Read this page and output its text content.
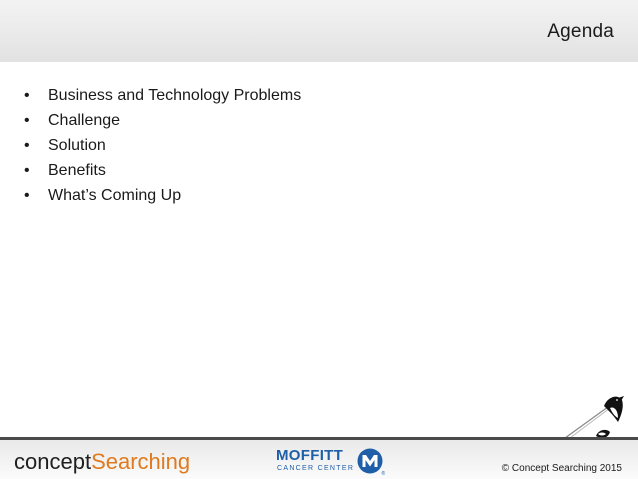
Agenda
•	Business and Technology Problems
•	Challenge
•	Solution
•	Benefits
•	What’s Coming Up
conceptSearching	MOFFITT
CANCER CENTER
®	© Concept Searching 2015
